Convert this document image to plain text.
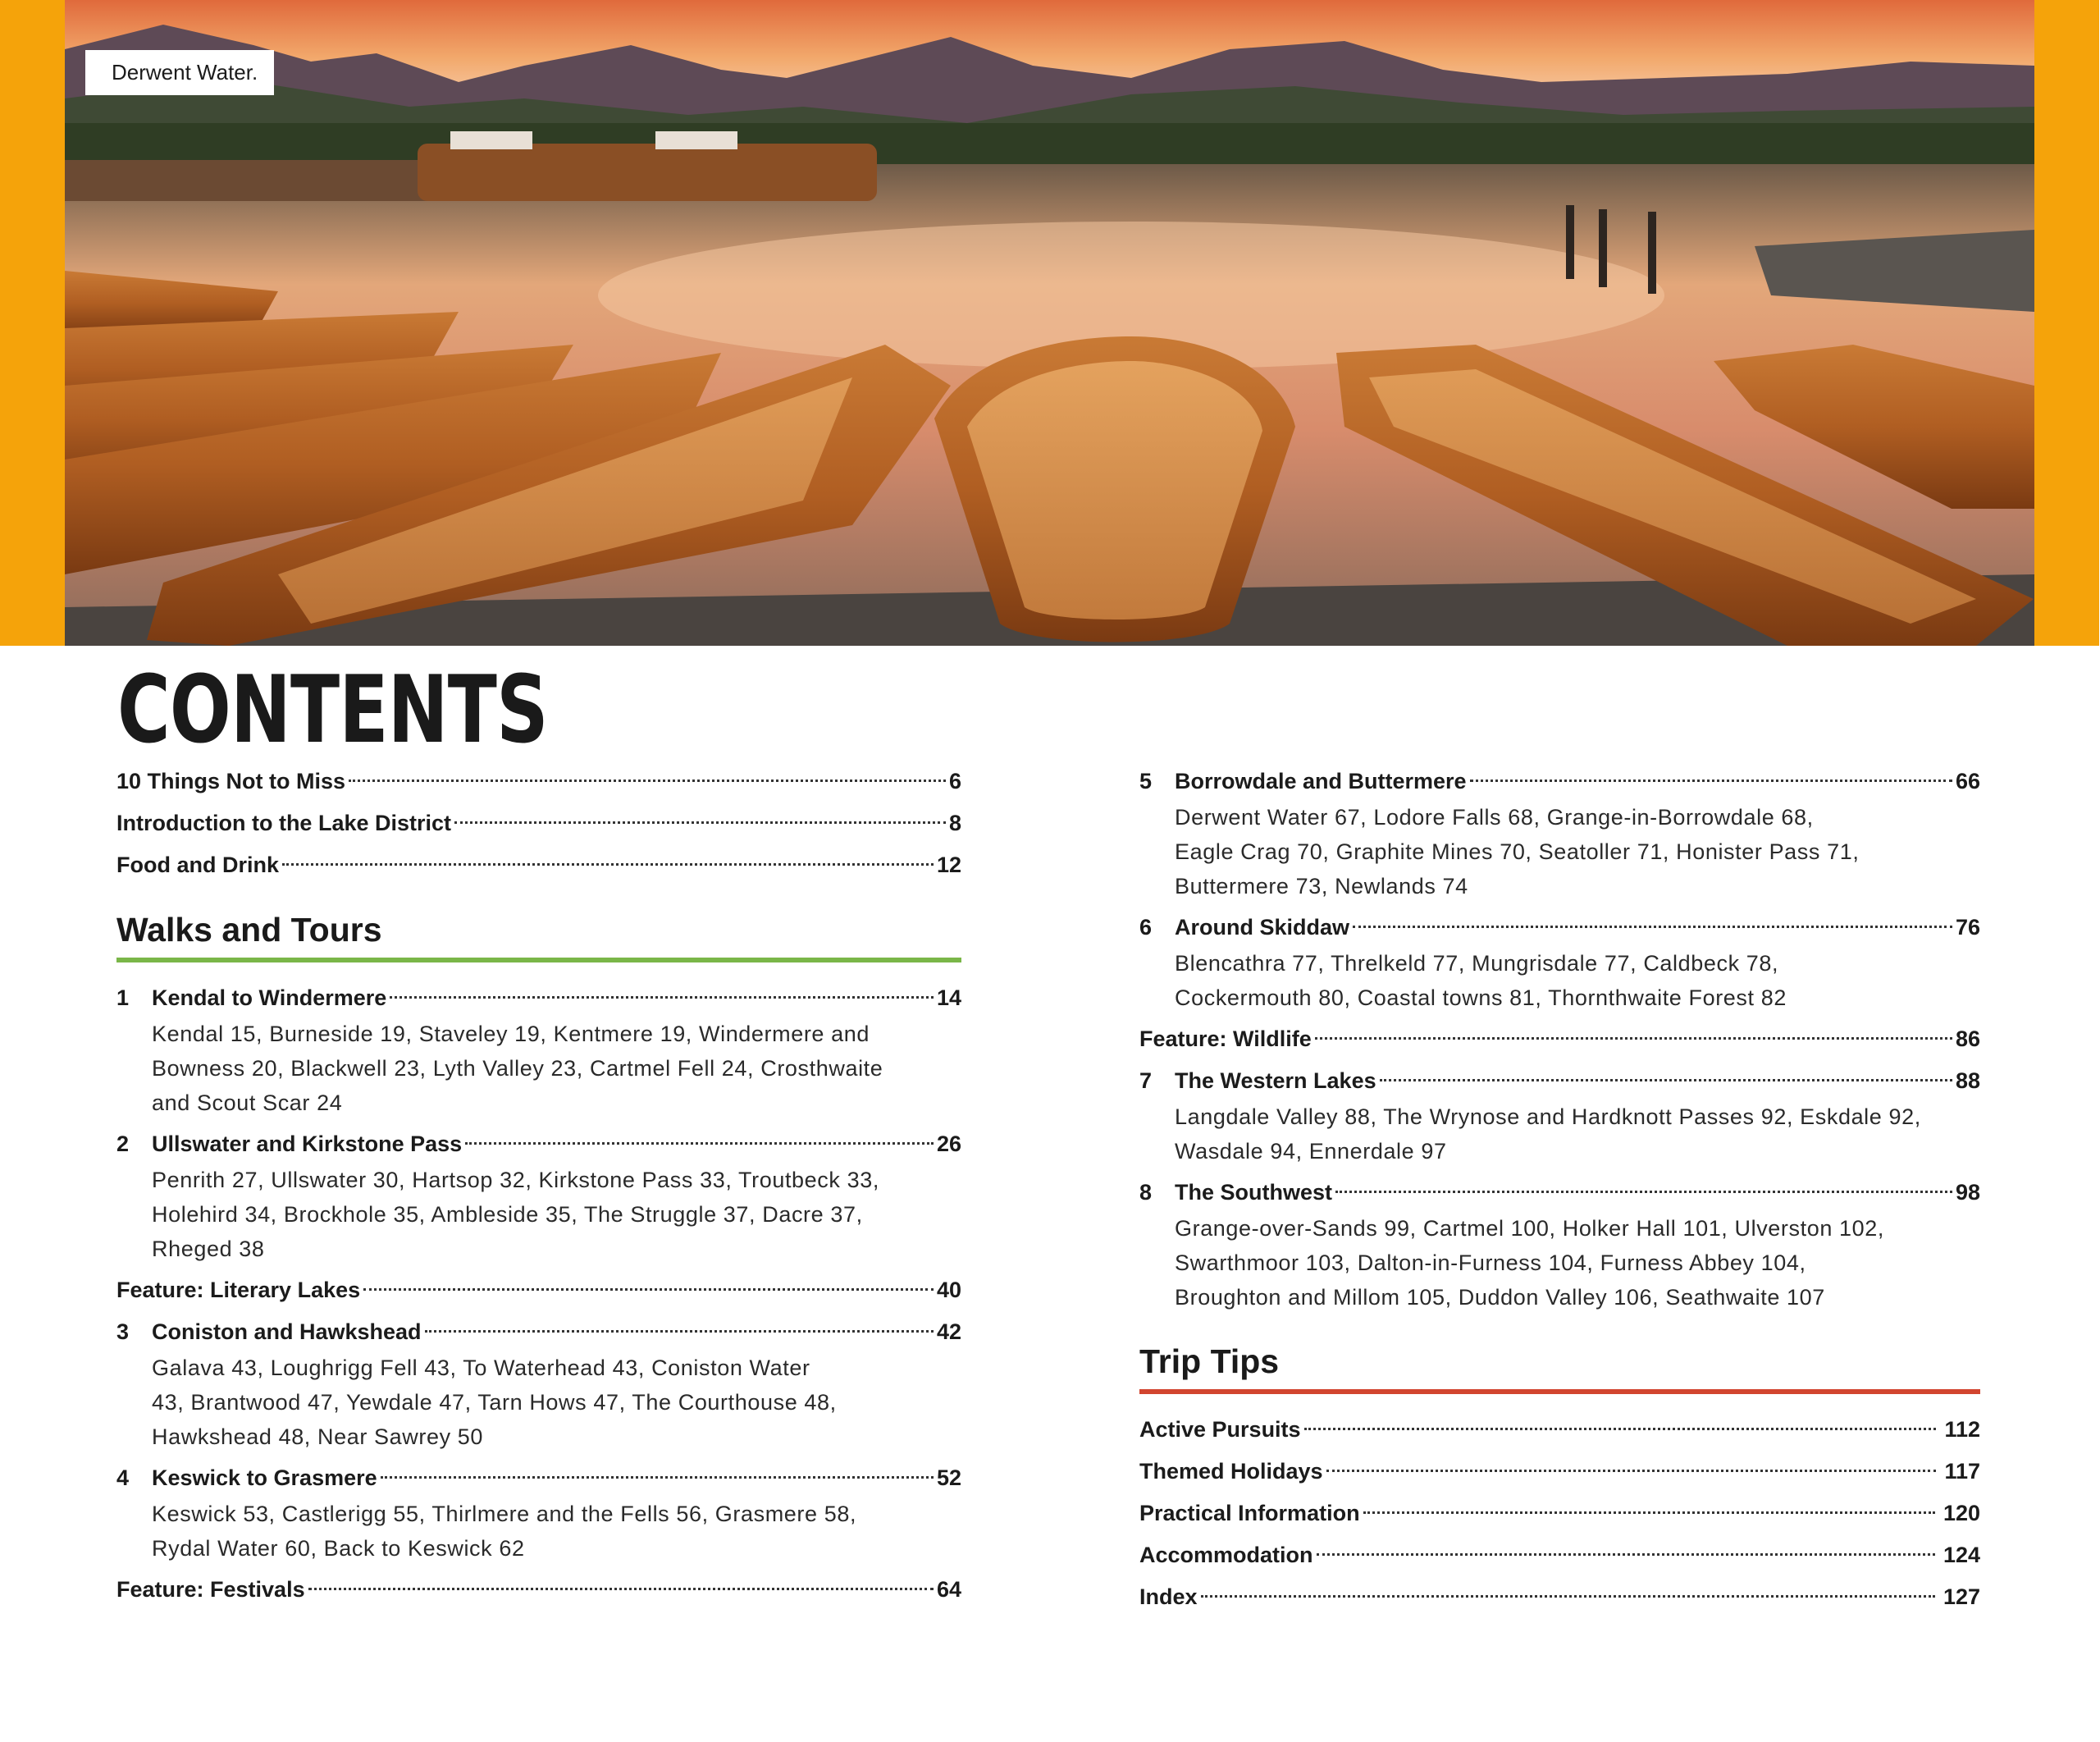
Derwent Water.
CONTENTS
10 Things Not to Miss	6
Introduction to the Lake District	8
Food and Drink	12
Walks and Tours
1	Kendal to Windermere	14
Kendal 15, Burneside 19, Staveley 19, Kentmere 19, Windermere and
Bowness 20, Blackwell 23, Lyth Valley 23, Cartmel Fell 24, Crosthwaite
and Scout Scar 24
2	Ullswater and Kirkstone Pass	26
Penrith 27, Ullswater 30, Hartsop 32, Kirkstone Pass 33, Troutbeck 33,
Holehird 34, Brockhole 35, Ambleside 35, The Struggle 37, Dacre 37,
Rheged 38
Feature: Literary Lakes	40
3	Coniston and Hawkshead	42
Galava 43, Loughrigg Fell 43, To Waterhead 43, Coniston Water
43, Brantwood 47, Yewdale 47, Tarn Hows 47, The Courthouse 48,
Hawkshead 48, Near Sawrey 50
4	Keswick to Grasmere	52
Keswick 53, Castlerigg 55, Thirlmere and the Fells 56, Grasmere 58,
Rydal Water 60, Back to Keswick 62
Feature: Festivals	64
5	Borrowdale and Buttermere	66
Derwent Water 67, Lodore Falls 68, Grange-in-Borrowdale 68,
Eagle Crag 70, Graphite Mines 70, Seatoller 71, Honister Pass 71,
Buttermere 73, Newlands 74
6	Around Skiddaw	76
Blencathra 77, Threlkeld 77, Mungrisdale 77, Caldbeck 78,
Cockermouth 80, Coastal towns 81, Thornthwaite Forest 82
Feature: Wildlife	86
7	The Western Lakes	88
Langdale Valley 88, The Wrynose and Hardknott Passes 92, Eskdale 92,
Wasdale 94, Ennerdale 97
8	The Southwest	98
Grange-over-Sands 99, Cartmel 100, Holker Hall 101, Ulverston 102,
Swarthmoor 103, Dalton-in-Furness 104, Furness Abbey 104,
Broughton and Millom 105, Duddon Valley 106, Seathwaite 107
Trip Tips
Active Pursuits	112
Themed Holidays	117
Practical Information	120
Accommodation	124
Index	127
